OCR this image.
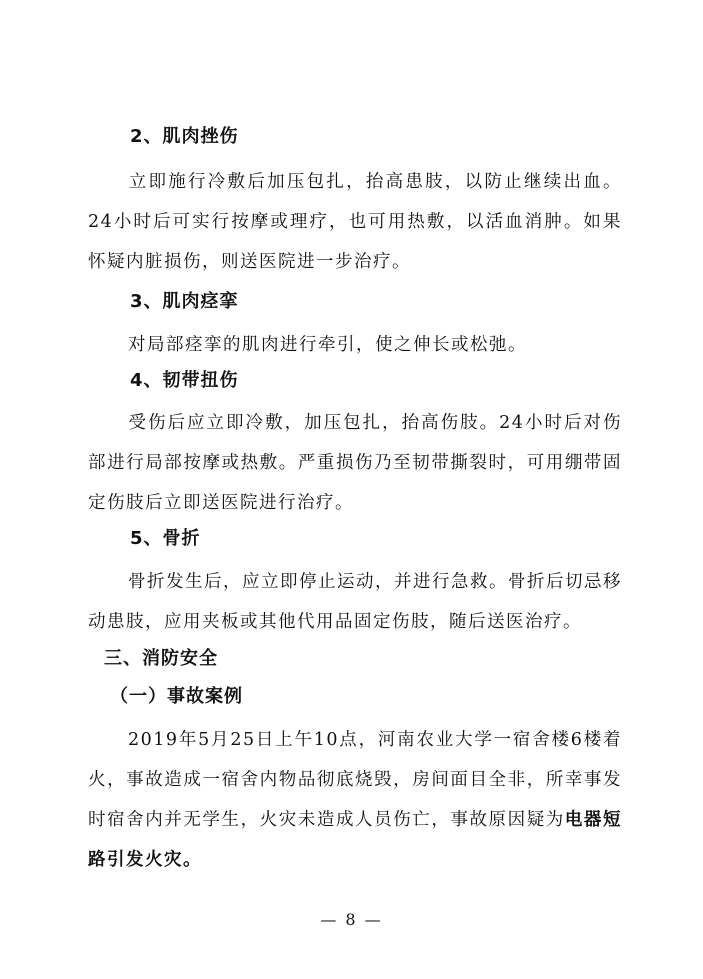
2、肌肉挫伤
立即施行冷敷后加压包扎，抬高患肢，以防止继续出血。24小时后可实行按摩或理疗，也可用热敷，以活血消肿。如果怀疑内脏损伤，则送医院进一步治疗。
3、肌肉痉挛
对局部痉挛的肌肉进行牵引，使之伸长或松弛。
4、韧带扭伤
受伤后应立即冷敷，加压包扎，抬高伤肢。24小时后对伤部进行局部按摩或热敷。严重损伤乃至韧带撕裂时，可用绷带固定伤肢后立即送医院进行治疗。
5、骨折
骨折发生后，应立即停止运动，并进行急救。骨折后切忌移动患肢，应用夹板或其他代用品固定伤肢，随后送医治疗。
三、消防安全
（一）事故案例
2019年5月25日上午10点，河南农业大学一宿舍楼6楼着火，事故造成一宿舍内物品彻底烧毁，房间面目全非，所幸事发时宿舍内并无学生，火灾未造成人员伤亡，事故原因疑为电器短路引发火灾。
— 8 —
